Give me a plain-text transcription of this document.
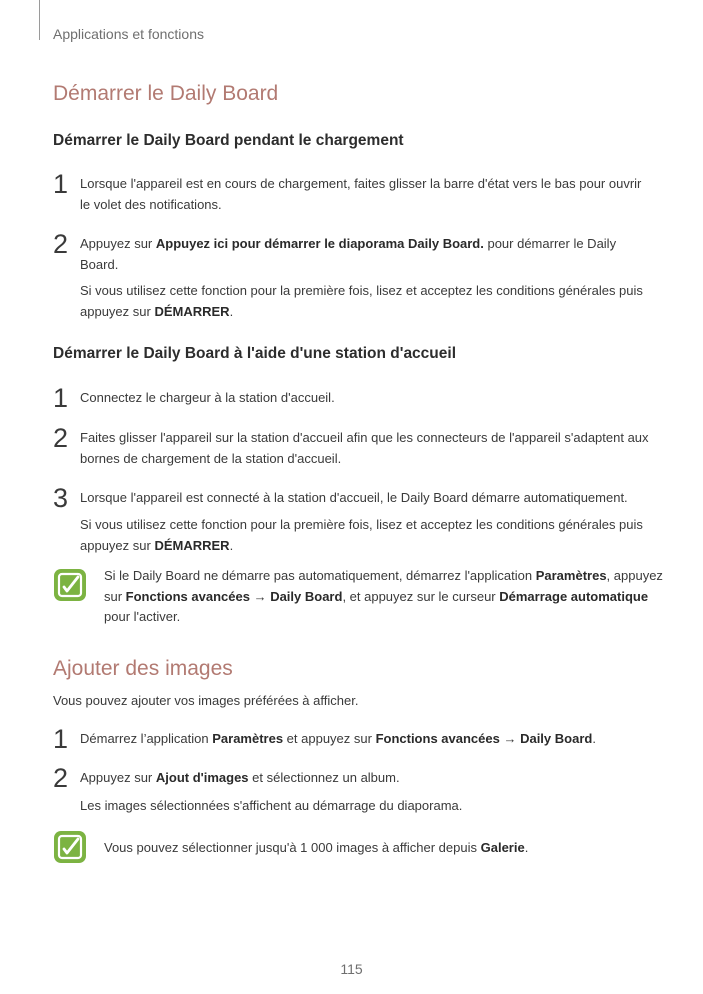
Applications et fonctions
Démarrer le Daily Board
Démarrer le Daily Board pendant le chargement
1 Lorsque l'appareil est en cours de chargement, faites glisser la barre d'état vers le bas pour ouvrir le volet des notifications.
2 Appuyez sur Appuyez ici pour démarrer le diaporama Daily Board. pour démarrer le Daily Board.
Si vous utilisez cette fonction pour la première fois, lisez et acceptez les conditions générales puis appuyez sur DÉMARRER.
Démarrer le Daily Board à l'aide d'une station d'accueil
1 Connectez le chargeur à la station d'accueil.
2 Faites glisser l'appareil sur la station d'accueil afin que les connecteurs de l'appareil s'adaptent aux bornes de chargement de la station d'accueil.
3 Lorsque l'appareil est connecté à la station d'accueil, le Daily Board démarre automatiquement.
Si vous utilisez cette fonction pour la première fois, lisez et acceptez les conditions générales puis appuyez sur DÉMARRER.
Si le Daily Board ne démarre pas automatiquement, démarrez l'application Paramètres, appuyez sur Fonctions avancées → Daily Board, et appuyez sur le curseur Démarrage automatique pour l'activer.
Ajouter des images
Vous pouvez ajouter vos images préférées à afficher.
1 Démarrez l’application Paramètres et appuyez sur Fonctions avancées → Daily Board.
2 Appuyez sur Ajout d'images et sélectionnez un album.
Les images sélectionnées s'affichent au démarrage du diaporama.
Vous pouvez sélectionner jusqu'à 1 000 images à afficher depuis Galerie.
115
